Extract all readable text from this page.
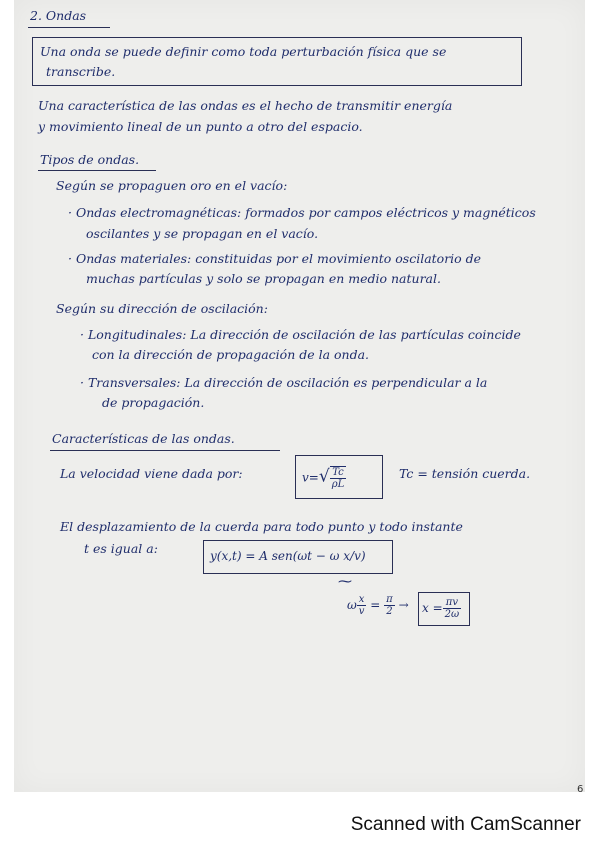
2. Ondas
Una onda se puede definir como toda perturbación física que se
transcribe.
Una característica de las ondas es el hecho de transmitir energía
y movimiento lineal de un punto a otro del espacio.
Tipos de ondas.
Según se propaguen oro en el vacío:
· Ondas electromagnéticas: formados por campos eléctricos y magnéticos
oscilantes y se propagan en el vacío.
· Ondas materiales: constituidas por el movimiento oscilatorio de
muchas partículas y solo se propagan en medio natural.
Según su dirección de oscilación:
· Longitudinales: La dirección de oscilación de las partículas coincide
con la dirección de propagación de la onda.
· Transversales: La dirección de oscilación es perpendicular a la
de propagación.
Características de las ondas.
La velocidad viene dada por:	$v=√ \frac{Tc}{\rho L}$	Tc = tensión cuerda.
El desplazamiento de la cuerda para todo punto y todo instante
t es igual a:	y(x,t) = A sen(ωt − ω x/v)
⁓
ω $\frac{x}{v} = \frac{\pi}{2} \to x = \frac{\pi v}{2\omega}$
6
Scanned with CamScanner
